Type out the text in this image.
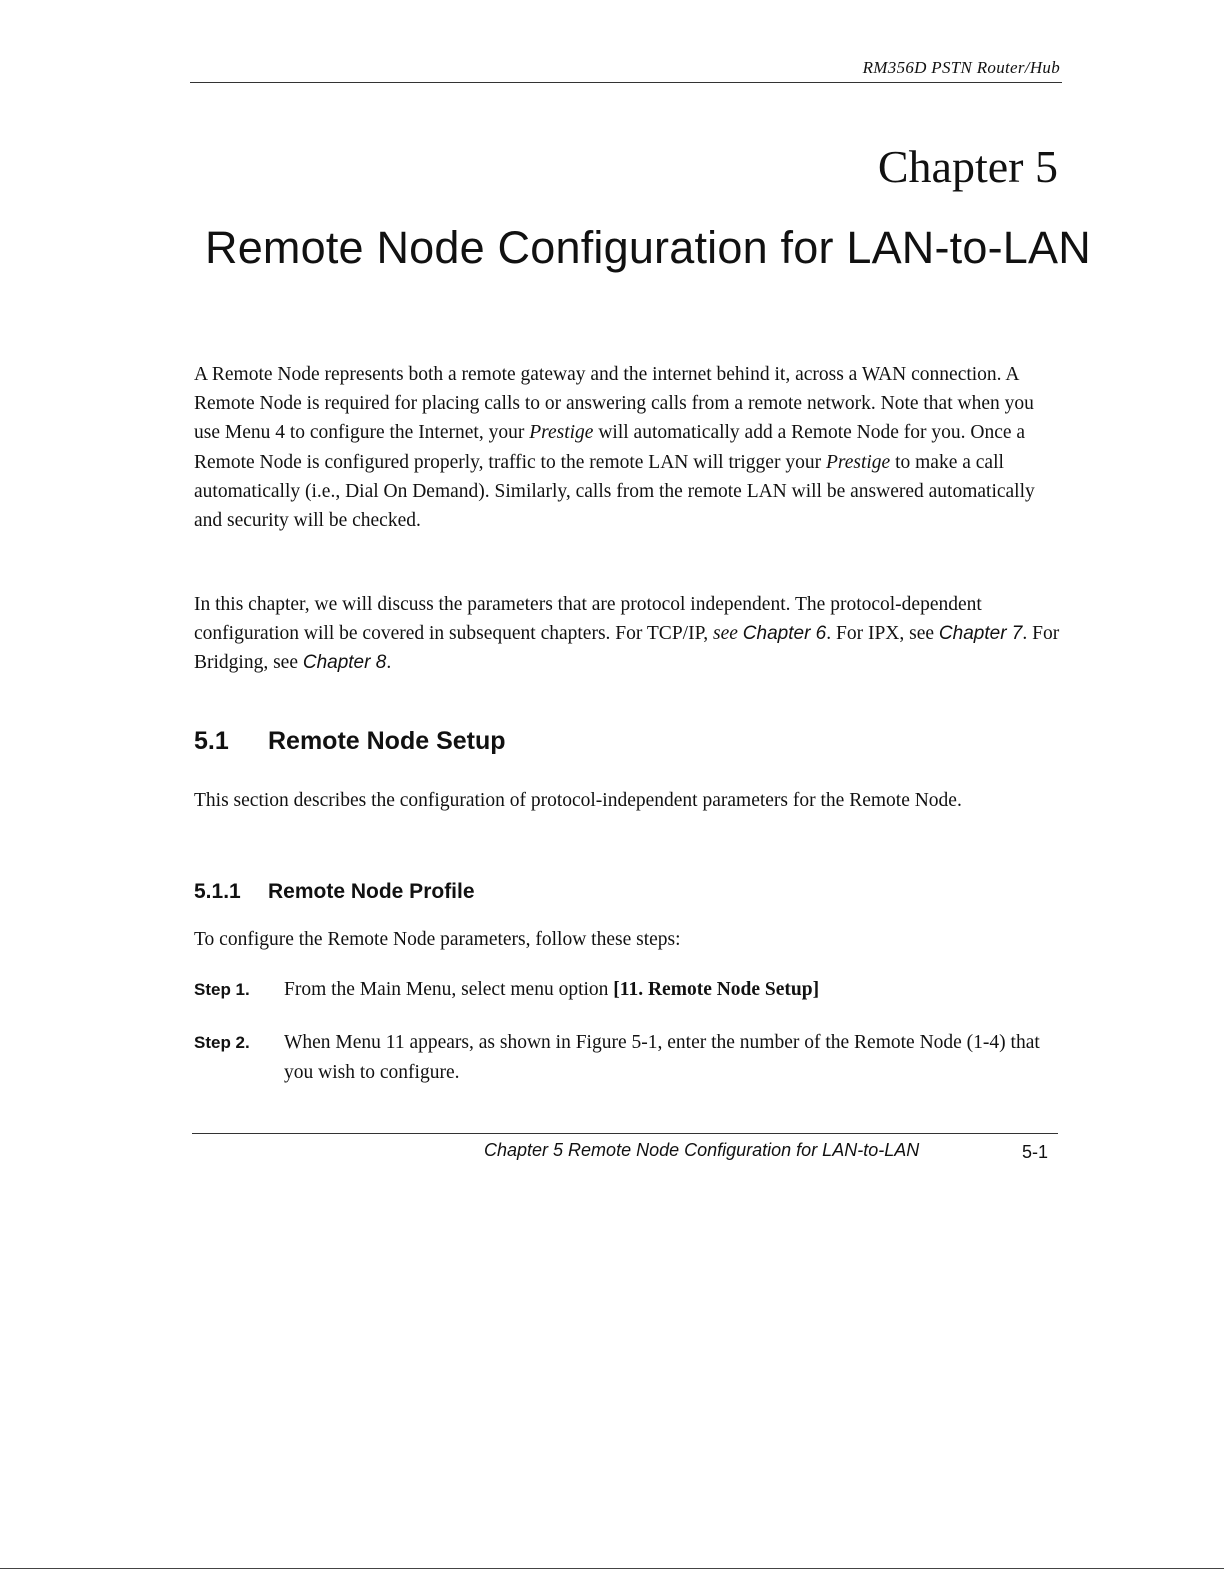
RM356D PSTN Router/Hub
Chapter 5
Remote Node Configuration for LAN-to-LAN
A Remote Node represents both a remote gateway and the internet behind it, across a WAN connection. A Remote Node is required for placing calls to or answering calls from a remote network. Note that when you use Menu 4 to configure the Internet, your Prestige will automatically add a Remote Node for you. Once a Remote Node is configured properly, traffic to the remote LAN will trigger your Prestige to make a call automatically (i.e., Dial On Demand). Similarly, calls from the remote LAN will be answered automatically and security will be checked.
In this chapter, we will discuss the parameters that are protocol independent. The protocol-dependent configuration will be covered in subsequent chapters. For TCP/IP, see Chapter 6. For IPX, see Chapter 7. For Bridging, see Chapter 8.
5.1 Remote Node Setup
This section describes the configuration of protocol-independent parameters for the Remote Node.
5.1.1 Remote Node Profile
To configure the Remote Node parameters, follow these steps:
Step 1. From the Main Menu, select menu option [11. Remote Node Setup]
Step 2. When Menu 11 appears, as shown in Figure 5-1, enter the number of the Remote Node (1-4) that you wish to configure.
Chapter 5 Remote Node Configuration for LAN-to-LAN	5-1
